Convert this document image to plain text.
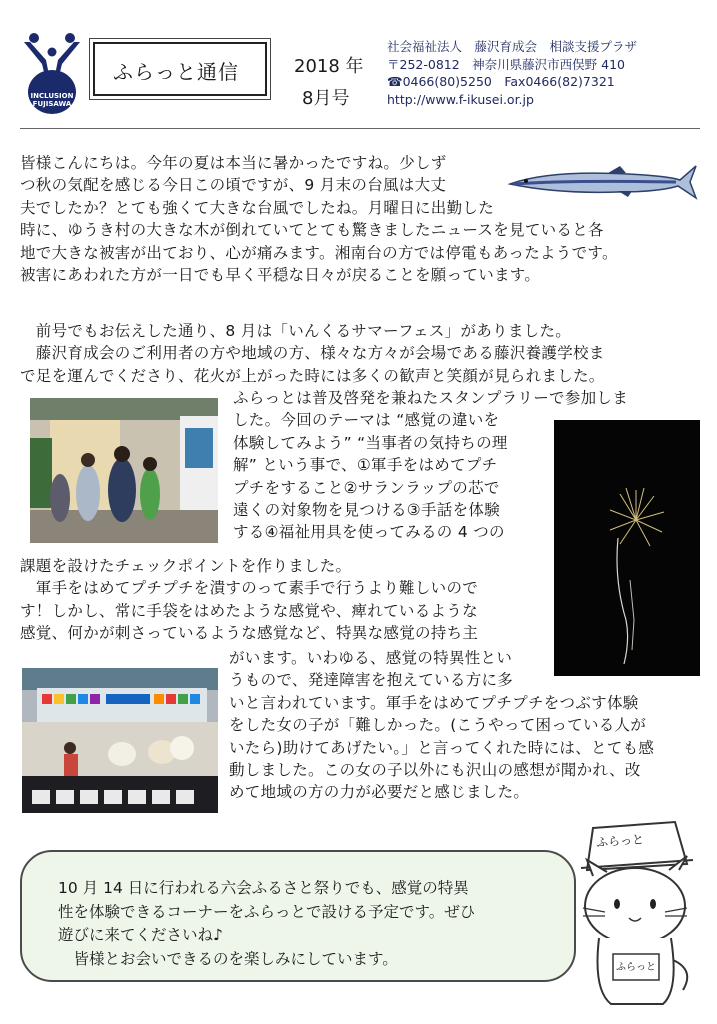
INCLUSION
FUJISAWA
ふらっと通信	2018 年
8月号
社会福祉法人　藤沢育成会　相談支援プラザ
〒252-0812　神奈川県藤沢市西俣野 410
☎0466(80)5250　Fax0466(82)7321
http://www.f-ikusei.or.jp
皆様こんにちは。今年の夏は本当に暑かったですね。少しず
つ秋の気配を感じる今日この頃ですが、9 月末の台風は大丈
夫でしたか？とても強くて大きな台風でしたね。月曜日に出勤した
時に、ゆうき村の大きな木が倒れていてとても驚きましたニュースを見ていると各
地で大きな被害が出ており、心が痛みます。湘南台の方では停電もあったようです。
被害にあわれた方が一日でも早く平穏な日々が戻ることを願っています。
　前号でもお伝えした通り、8 月は「いんくるサマーフェス」がありました。
　藤沢育成会のご利用者の方や地域の方、様々な方々が会場である藤沢養護学校ま
で足を運んでくださり、花火が上がった時には多くの歓声と笑顔が見られました。
ふらっとは普及啓発を兼ねたスタンプラリーで参加しま
した。今回のテーマは “感覚の違いを
体験してみよう” “当事者の気持ちの理
解” という事で、①軍手をはめてプチ
プチをすること②サランラップの芯で
遠くの対象物を見つける③手話を体験
する④福祉用具を使ってみるの 4 つの
課題を設けたチェックポイントを作りました。
　軍手をはめてプチプチを潰すのって素手で行うより難しいので
す！しかし、常に手袋をはめたような感覚や、痺れているような
感覚、何かが刺さっているような感覚など、特異な感覚の持ち主
がいます。いわゆる、感覚の特異性とい
うもので、発達障害を抱えている方に多
いと言われています。軍手をはめてプチプチをつぶす体験
をした女の子が「難しかった。(こうやって困っている人が
いたら)助けてあげたい。」と言ってくれた時には、とても感
動しました。この女の子以外にも沢山の感想が聞かれ、改
めて地域の方の力が必要だと感じました。
10 月 14 日に行われる六会ふるさと祭りでも、感覚の特異
性を体験できるコーナーをふらっとで設ける予定です。ぜひ
遊びに来てくださいね♪
　皆様とお会いできるのを楽しみにしています。
ふらっと
ふらっと
